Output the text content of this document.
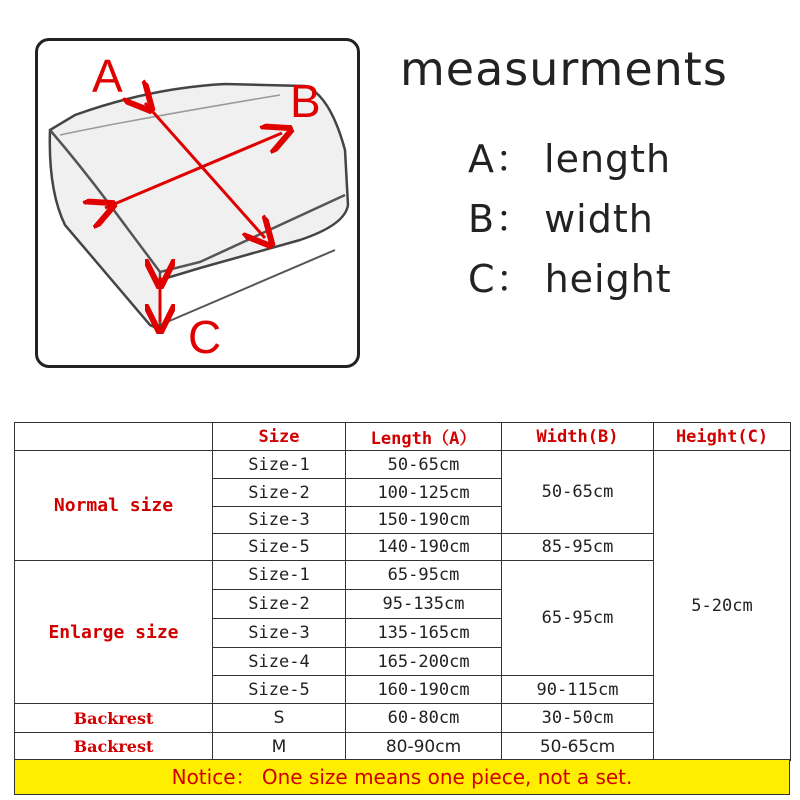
A	B
C
measurments
A： length
B： width
C： height
	Size	Length（A）	Width(B)	Height(C)
Normal size	Size-1	50-65cm	50-65cm	5-20cm
	Size-2	100-125cm		
	Size-3	150-190cm		
	Size-5	140-190cm	85-95cm	
Enlarge size	Size-1	65-95cm	65-95cm	
	Size-2	95-135cm		
	Size-3	135-165cm		
	Size-4	165-200cm		
	Size-5	160-190cm	90-115cm	
Backrest	S	60-80cm	30-50cm	
Backrest	M	80-90cm	50-65cm	
Notice： One size means one piece, not a set.
